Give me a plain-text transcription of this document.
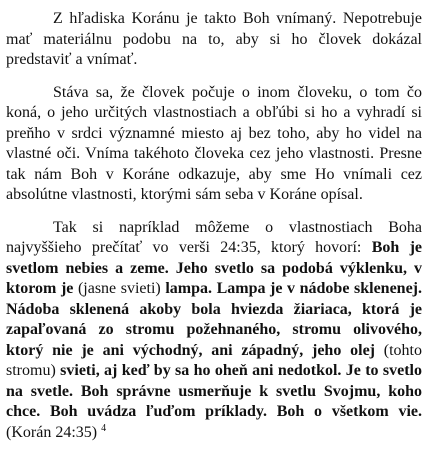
Z hľadiska Koránu je takto Boh vnímaný. Nepotrebuje mať materiálnu podobu na to, aby si ho človek dokázal predstaviť a vnímať.

Stáva sa, že človek počuje o inom človeku, o tom čo koná, o jeho určitých vlastnostiach a obľúbi si ho a vyhradí si preňho v srdci významné miesto aj bez toho, aby ho videl na vlastné oči. Vníma takéhoto človeka cez jeho vlastnosti. Presne tak nám Boh v Koráne odkazuje, aby sme Ho vnímali cez absolútne vlastnosti, ktorými sám seba v Koráne opísal.

Tak si napríklad môžeme o vlastnostiach Boha najvyššieho prečítať vo verši 24:35, ktorý hovorí: Boh je svetlom nebies a zeme. Jeho svetlo sa podobá výklenku, v ktorom je (jasne svieti) lampa. Lampa je v nádobe sklenenej. Nádoba sklenená akoby bola hviezda žiariaca, ktorá je zapaľovaná zo stromu požehnaného, stromu olivového, ktorý nie je ani východný, ani západný, jeho olej (tohto stromu) svieti, aj keď by sa ho oheň ani nedotkol. Je to svetlo na svetle. Boh správne usmerňuje k svetlu Svojmu, koho chce. Boh uvádza ľuďom príklady. Boh o všetkom vie. (Korán 24:35) $^4$
